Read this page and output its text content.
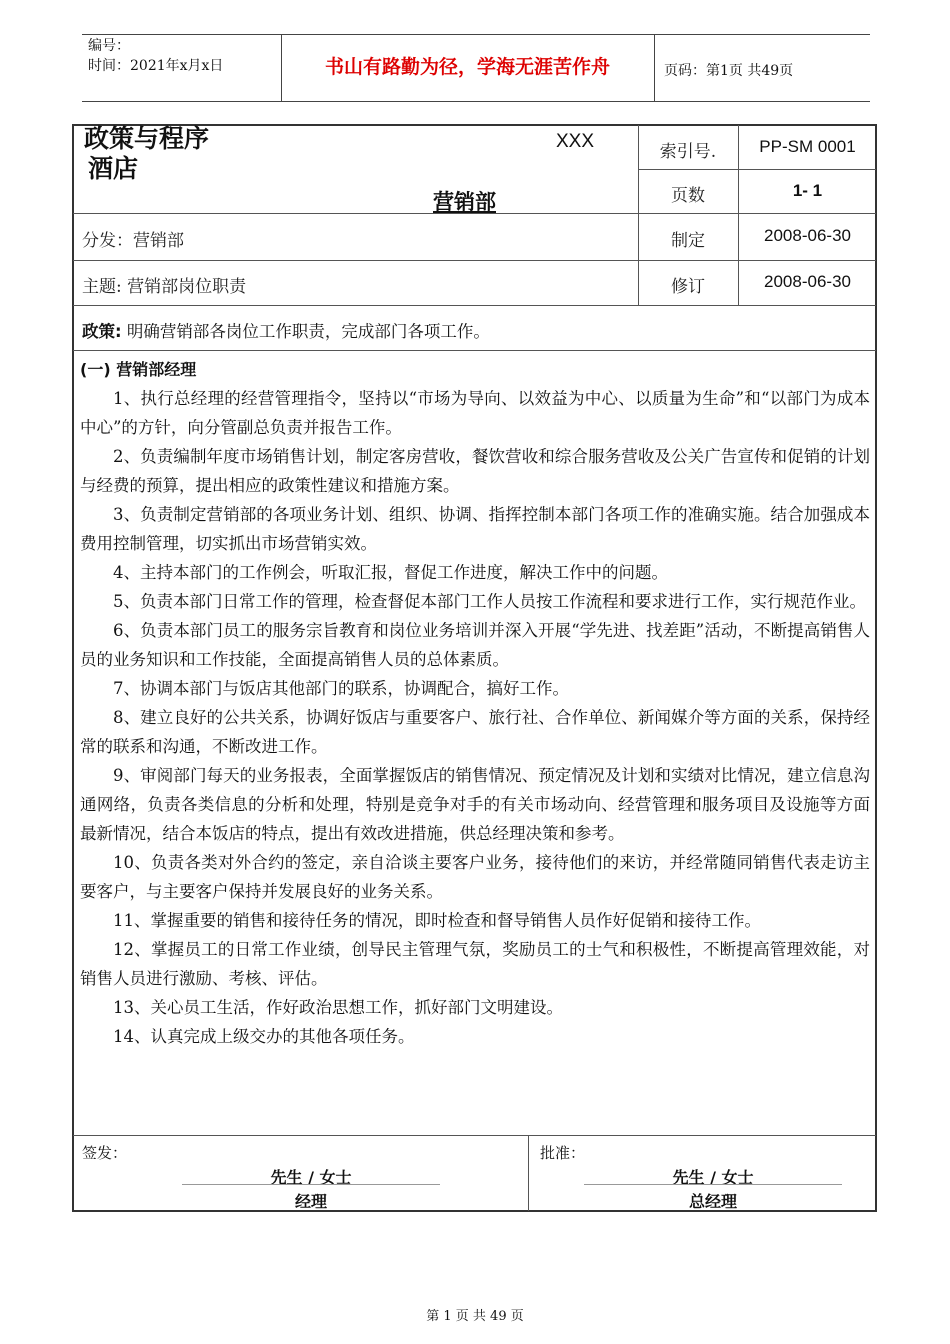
编号：
时间：2021年x月x日	书山有路勤为径，学海无涯苦作舟	页码：第1页 共49页
政策与程序
酒店
XXX
营销部
索引号.	PP-SM 0001
页数	1- 1
分发：营销部	制定	2008-06-30
主题: 营销部岗位职责	修订	2008-06-30
政策: 明确营销部各岗位工作职责，完成部门各项工作。
(一) 营销部经理

1、执行总经理的经营管理指令，坚持以“市场为导向、以效益为中心、以质量为生命”和“以部门为成本中心”的方针，向分管副总负责并报告工作。

2、负责编制年度市场销售计划，制定客房营收，餐饮营收和综合服务营收及公关广告宣传和促销的计划与经费的预算，提出相应的政策性建议和措施方案。

3、负责制定营销部的各项业务计划、组织、协调、指挥控制本部门各项工作的准确实施。结合加强成本费用控制管理，切实抓出市场营销实效。

4、主持本部门的工作例会，听取汇报，督促工作进度，解决工作中的问题。

5、负责本部门日常工作的管理，检查督促本部门工作人员按工作流程和要求进行工作，实行规范作业。

6、负责本部门员工的服务宗旨教育和岗位业务培训并深入开展“学先进、找差距”活动，不断提高销售人员的业务知识和工作技能，全面提高销售人员的总体素质。

7、协调本部门与饭店其他部门的联系，协调配合，搞好工作。

8、建立良好的公共关系，协调好饭店与重要客户、旅行社、合作单位、新闻媒介等方面的关系，保持经常的联系和沟通，不断改进工作。

9、审阅部门每天的业务报表，全面掌握饭店的销售情况、预定情况及计划和实绩对比情况，建立信息沟通网络，负责各类信息的分析和处理，特别是竞争对手的有关市场动向、经营管理和服务项目及设施等方面最新情况，结合本饭店的特点，提出有效改进措施，供总经理决策和参考。

10、负责各类对外合约的签定，亲自洽谈主要客户业务，接待他们的来访，并经常随同销售代表走访主要客户，与主要客户保持并发展良好的业务关系。

11、掌握重要的销售和接待任务的情况，即时检查和督导销售人员作好促销和接待工作。

12、掌握员工的日常工作业绩，创导民主管理气氛，奖励员工的士气和积极性，不断提高管理效能，对销售人员进行激励、考核、评估。

13、关心员工生活，作好政治思想工作，抓好部门文明建设。

14、认真完成上级交办的其他各项任务。

签发：
先生 / 女士
经理
批准：
先生 / 女士
总经理
第 1 页 共 49 页
